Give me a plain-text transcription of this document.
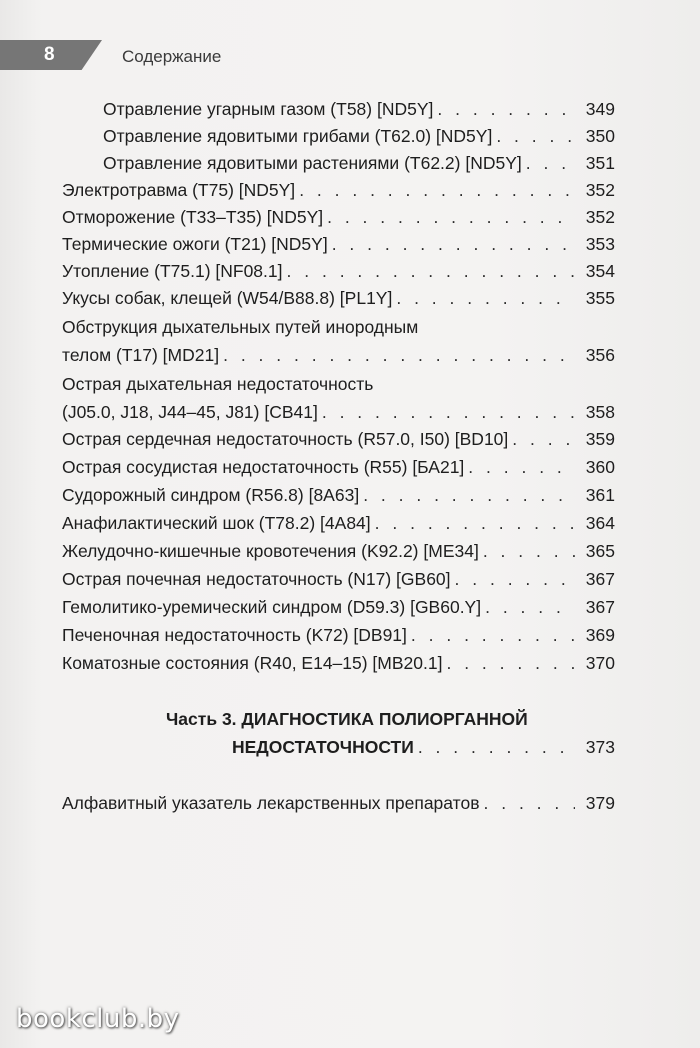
8	Содержание
Отравление угарным газом (T58) [ND5Y] . . .	349
Отравление ядовитыми грибами (T62.0) [ND5Y] . . .	350
Отравление ядовитыми растениями (T62.2) [ND5Y] . . .	351
Электротравма (T75) [ND5Y] . . .	352
Отморожение (T33–T35) [ND5Y] . . .	352
Термические ожоги (T21) [ND5Y] . . .	353
Утопление (T75.1) [NF08.1] . . .	354
Укусы собак, клещей (W54/B88.8) [PL1Y] . . .	355
Обструкция дыхательных путей инородным
телом (T17) [MD21] . . .	356
Острая дыхательная недостаточность
(J05.0, J18, J44–45, J81) [CB41] . . .	358
Острая сердечная недостаточность (R57.0, I50) [BD10] . . .	359
Острая сосудистая недостаточность (R55) [БА21] . . .	360
Судорожный синдром (R56.8) [8A63] . . .	361
Анафилактический шок (T78.2) [4A84] . . .	364
Желудочно-кишечные кровотечения (K92.2) [ME34] . . .	365
Острая почечная недостаточность (N17) [GB60] . . .	367
Гемолитико-уремический синдром (D59.3) [GB60.Y] . . .	367
Печеночная недостаточность (K72) [DB91] . . .	369
Коматозные состояния (R40, E14–15) [MB20.1] . . .	370
Часть 3. ДИАГНОСТИКА ПОЛИОРГАННОЙ
НЕДОСТАТОЧНОСТИ . . .	373
Алфавитный указатель лекарственных препаратов . . .	379
bookclub.by
